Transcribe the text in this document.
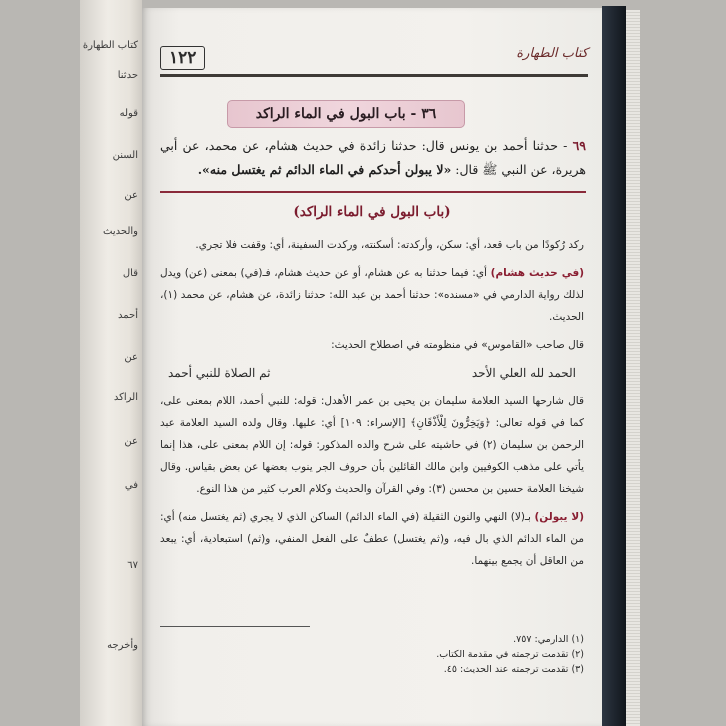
كتاب الطهارة
حدثنا
قوله
السنن
عن
والحديث
قال
أحمد
عن
الراكد
عن
في
٦٧
وأخرجه
١٢٢	كتاب الطهارة
٣٦ - باب البول في الماء الراكد
٦٩ - حدثنا أحمد بن يونس قال: حدثنا زائدة في حديث هشام، عن محمد، عن أبي هريرة، عن النبي ﷺ قال: «لا يبولن أحدكم في الماء الدائم ثم يغتسل منه».
(باب البول في الماء الراكد)

ركد رُكودًا من باب قعد، أي: سكن، وأركدته: أسكنته، وركدت السفينة، أي: وقفت فلا تجري.

(في حديث هشام) أي: فيما حدثنا به عن هشام، أو عن حديث هشام، فـ(في) بمعنى (عن) ويدل لذلك رواية الدارمي في «مسنده»: حدثنا أحمد بن عبد الله: حدثنا زائدة، عن هشام، عن محمد (١)، الحديث.

قال صاحب «القاموس» في منظومته في اصطلاح الحديث:

الحمد لله العلي الأحد
ثم الصلاة للنبي أحمد

قال شارحها السيد العلامة سليمان بن يحيى بن عمر الأهدل: قوله: للنبي أحمد، اللام بمعنى على، كما في قوله تعالى: ﴿وَيَخِرُّونَ لِلْأَذْقَانِ﴾ [الإسراء: ١٠٩] أي: عليها. وقال ولده السيد العلامة عبد الرحمن بن سليمان (٢) في حاشيته على شرح والده المذكور: قوله: إن اللام بمعنى على، هذا إنما يأتي على مذهب الكوفيين وابن مالك القائلين بأن حروف الجر ينوب بعضها عن بعض بقياس. وقال شيخنا العلامة حسين بن محسن (٣): وفي القرآن والحديث وكلام العرب كثير من هذا النوع.

(لا يبولن) بـ(لا) النهي والنون الثقيلة (في الماء الدائم) الساكن الذي لا يجري (ثم يغتسل منه) أي: من الماء الدائم الذي بال فيه، و(ثم يغتسل) عطفٌ على الفعل المنفي، و(ثم) استبعادية، أي: يبعد من العاقل أن يجمع بينهما.

(١) الدارمي: ٧٥٧.
(٢) تقدمت ترجمته في مقدمة الكتاب.
(٣) تقدمت ترجمته عند الحديث: ٤٥.
